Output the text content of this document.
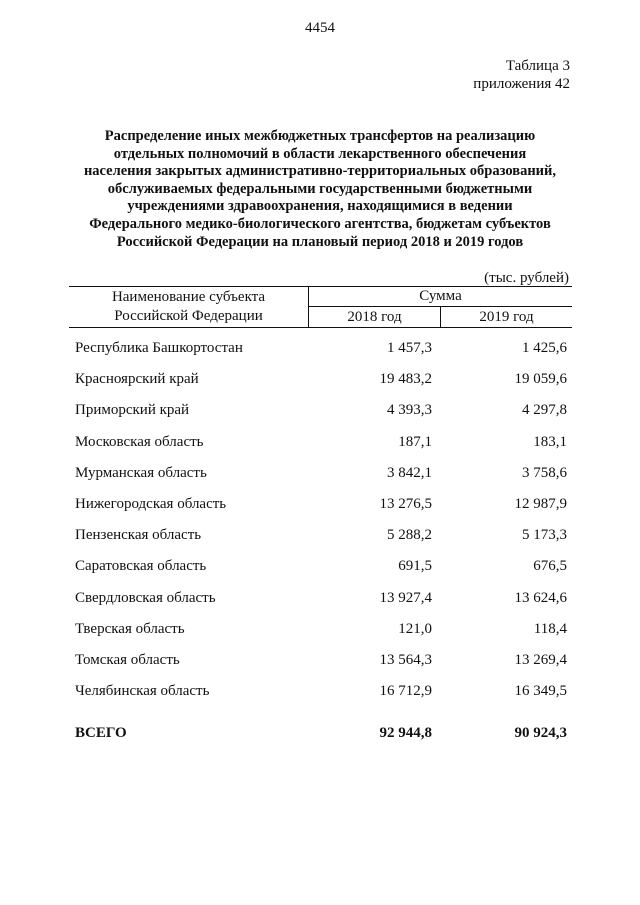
4454
Таблица 3
приложения 42
Распределение иных межбюджетных трансфертов на реализацию
отдельных полномочий в области лекарственного обеспечения
населения закрытых административно-территориальных образований,
обслуживаемых федеральными государственными бюджетными
учреждениями здравоохранения, находящимися в ведении
Федерального медико-биологического агентства, бюджетам субъектов
Российской Федерации на плановый период 2018 и 2019 годов
(тыс. рублей)
Наименование субъекта
Российской Федерации
Сумма
2018 год	2019 год
Республика Башкортостан	1 457,3	1 425,6
Красноярский край	19 483,2	19 059,6
Приморский край	4 393,3	4 297,8
Московская область	187,1	183,1
Мурманская область	3 842,1	3 758,6
Нижегородская область	13 276,5	12 987,9
Пензенская область	5 288,2	5 173,3
Саратовская область	691,5	676,5
Свердловская область	13 927,4	13 624,6
Тверская область	121,0	118,4
Томская область	13 564,3	13 269,4
Челябинская область	16 712,9	16 349,5
ВСЕГО	92 944,8	90 924,3
